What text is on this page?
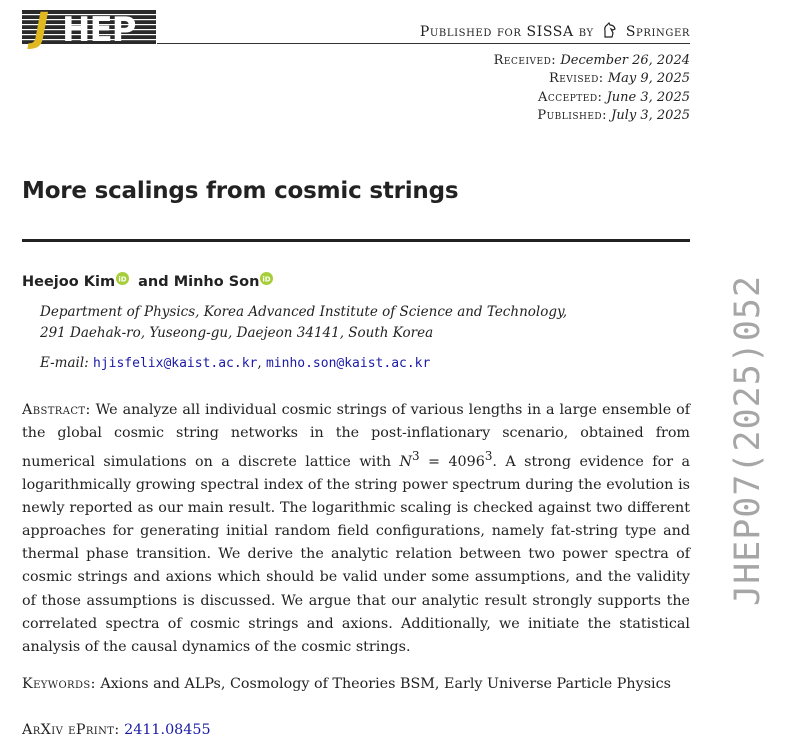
J HEP	Published for SISSA by Springer
Received: December 26, 2024
Revised: May 9, 2025
Accepted: June 3, 2025
Published: July 3, 2025
More scalings from cosmic strings
Heejoo Kim iD and Minho Son iD
Department of Physics, Korea Advanced Institute of Science and Technology,
291 Daehak-ro, Yuseong-gu, Daejeon 34141, South Korea
E-mail: hjisfelix@kaist.ac.kr, minho.son@kaist.ac.kr
Abstract: We analyze all individual cosmic strings of various lengths in a large ensemble of the global cosmic string networks in the post-inflationary scenario, obtained from numerical simulations on a discrete lattice with $N^3 = 4096^3$. A strong evidence for a logarithmically growing spectral index of the string power spectrum during the evolution is newly reported as our main result. The logarithmic scaling is checked against two different approaches for generating initial random field configurations, namely fat-string type and thermal phase transition. We derive the analytic relation between two power spectra of cosmic strings and axions which should be valid under some assumptions, and the validity of those assumptions is discussed. We argue that our analytic result strongly supports the correlated spectra of cosmic strings and axions. Additionally, we initiate the statistical analysis of the causal dynamics of the cosmic strings.
Keywords: Axions and ALPs, Cosmology of Theories BSM, Early Universe Particle Physics
ArXiv ePrint: 2411.08455
JHEP07(2025)052
